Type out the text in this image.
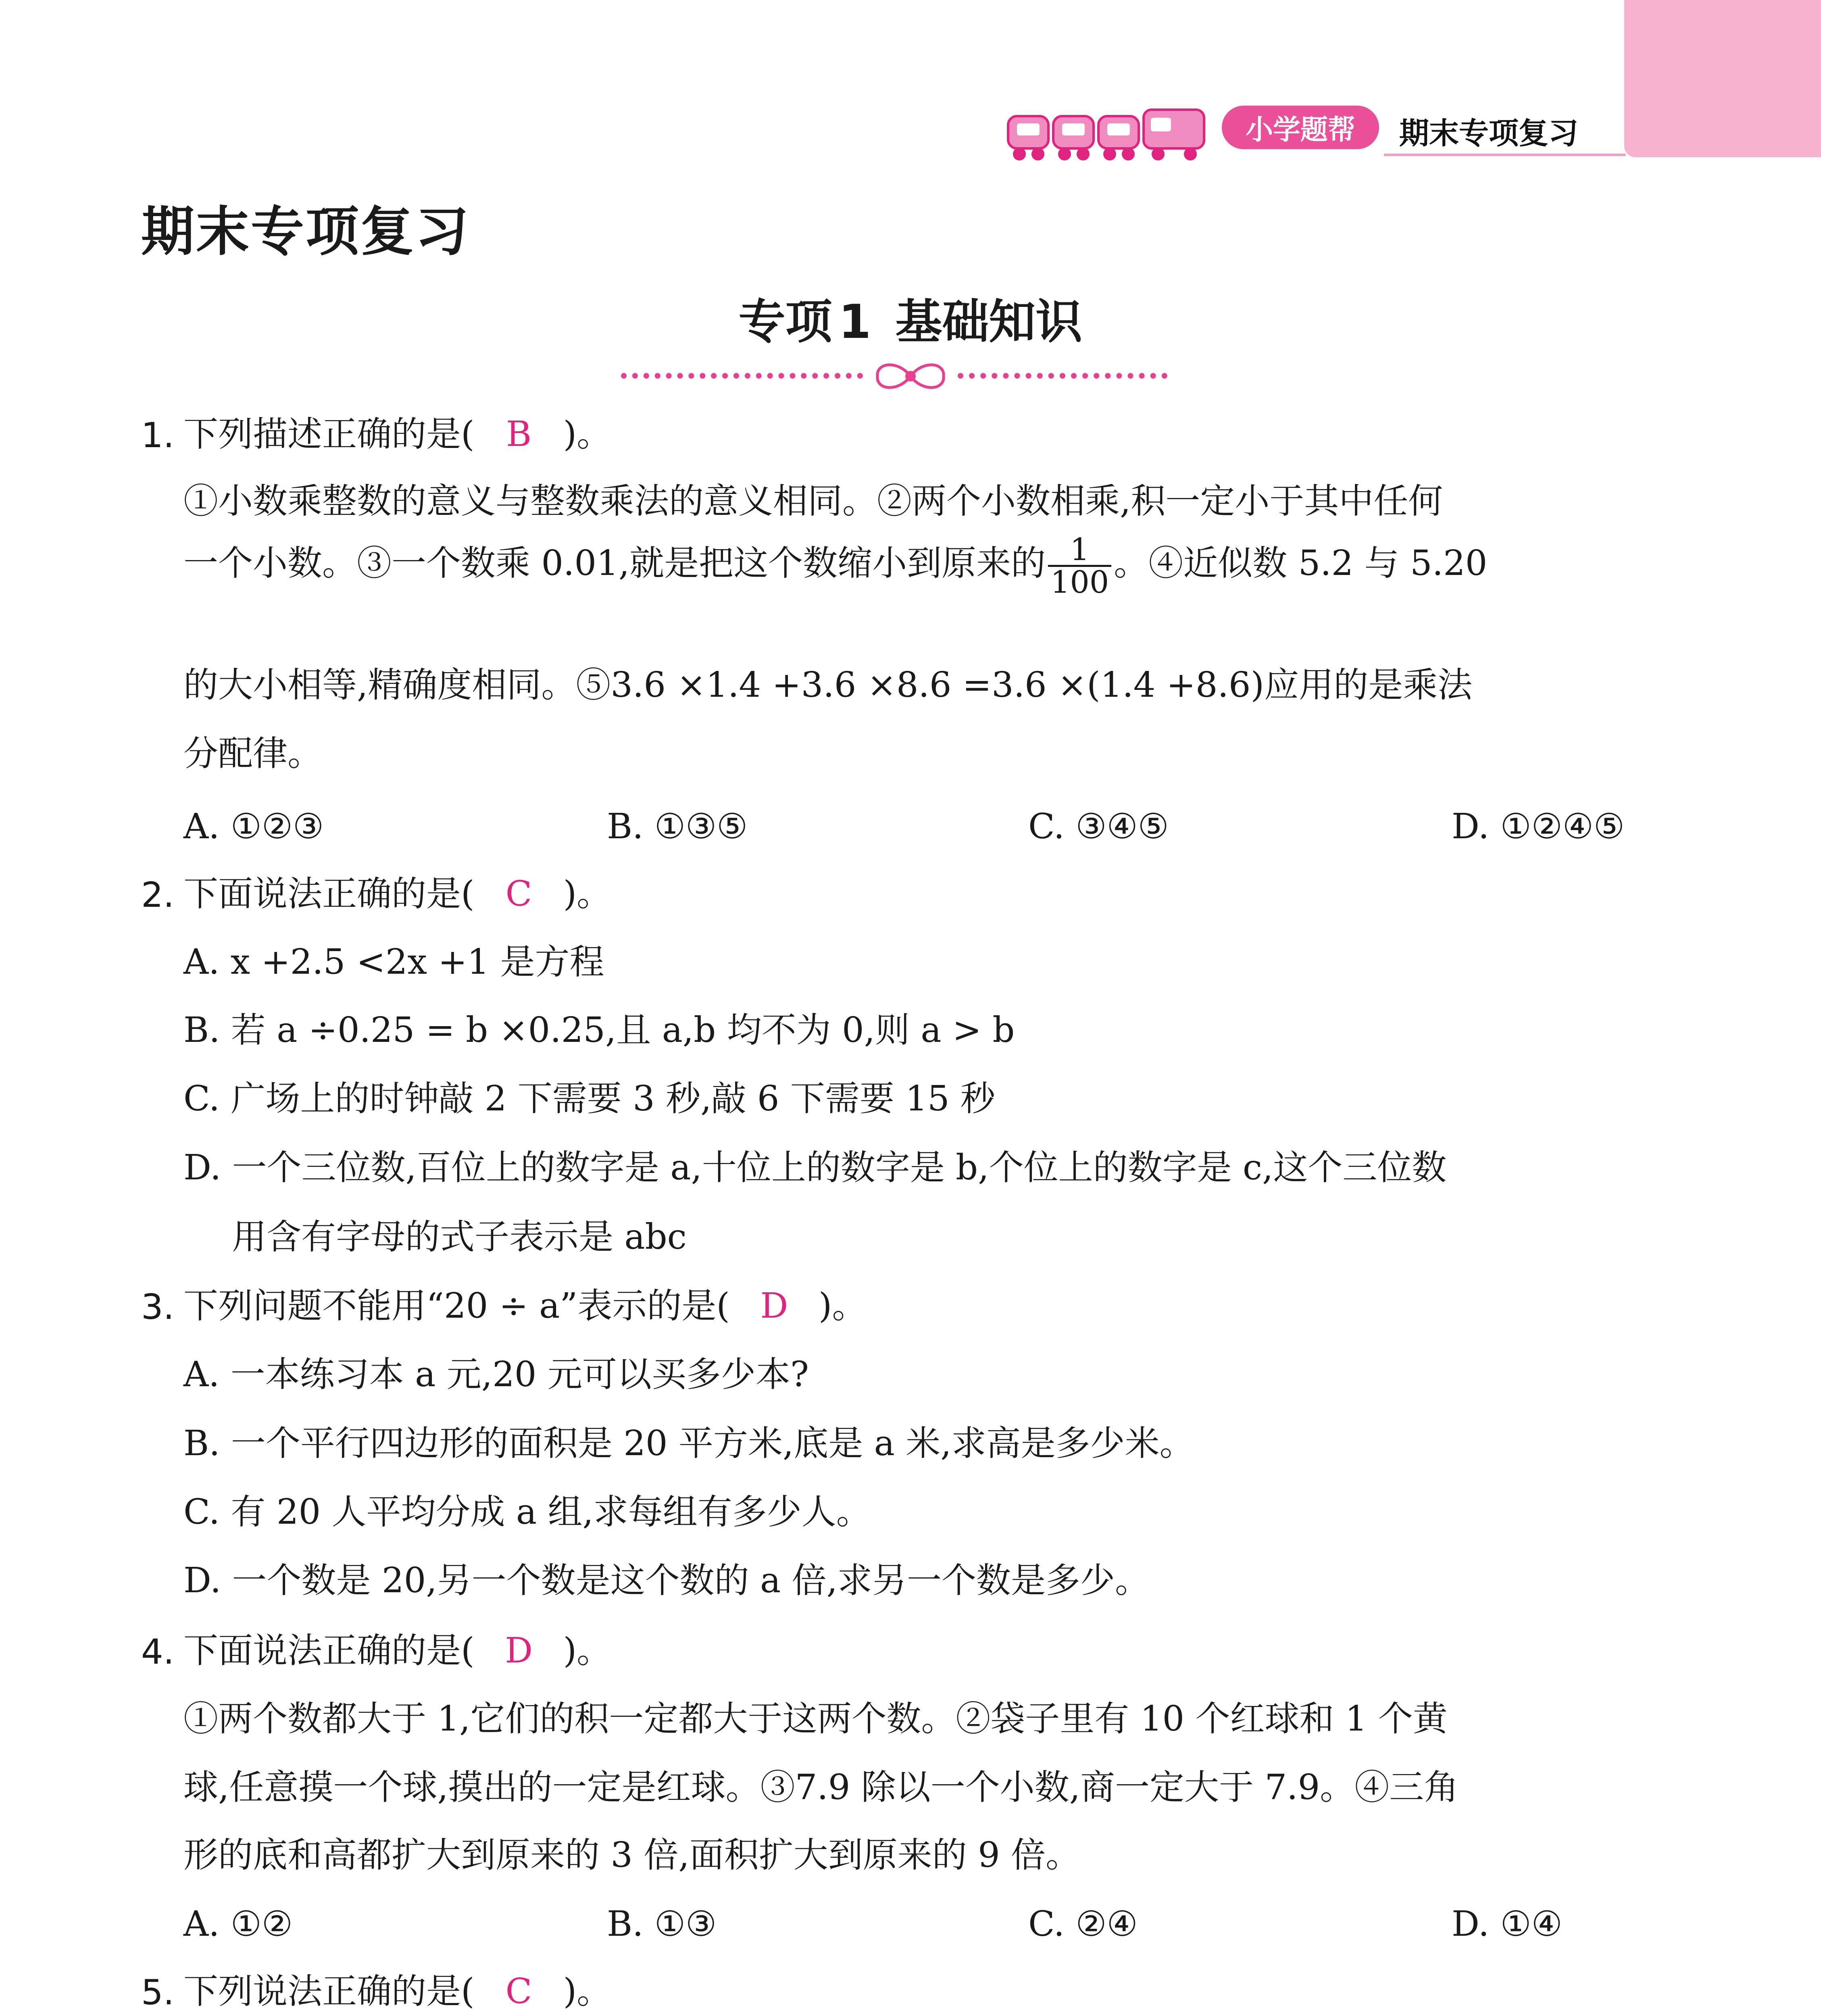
小学题帮	期末专项复习
期末专项复习
专项 1 基础知识
1. 下列描述正确的是( B )。
①小数乘整数的意义与整数乘法的意义相同。②两个小数相乘,积一定小于其中任何
一个小数。③一个数乘 0.01,就是把这个数缩小到原来的 $\frac{1}{100}$ 。④近似数 5.2 与 5.20
的大小相等,精确度相同。⑤3.6 ×1.4 +3.6 ×8.6 =3.6 ×(1.4 +8.6)应用的是乘法
分配律。
A. ①②③	B. ①③⑤	C. ③④⑤	D. ①②④⑤
2. 下面说法正确的是( C )。
A. x +2.5 <2x +1 是方程
B. 若 a ÷0.25 = b ×0.25,且 a,b 均不为 0,则 a > b
C. 广场上的时钟敲 2 下需要 3 秒,敲 6 下需要 15 秒
D. 一个三位数,百位上的数字是 a,十位上的数字是 b,个位上的数字是 c,这个三位数
用含有字母的式子表示是 abc
3. 下列问题不能用“20 ÷ a”表示的是( D )。
A. 一本练习本 a 元,20 元可以买多少本?
B. 一个平行四边形的面积是 20 平方米,底是 a 米,求高是多少米。
C. 有 20 人平均分成 a 组,求每组有多少人。
D. 一个数是 20,另一个数是这个数的 a 倍,求另一个数是多少。
4. 下面说法正确的是( D )。
①两个数都大于 1,它们的积一定都大于这两个数。②袋子里有 10 个红球和 1 个黄
球,任意摸一个球,摸出的一定是红球。③7.9 除以一个小数,商一定大于 7.9。④三角
形的底和高都扩大到原来的 3 倍,面积扩大到原来的 9 倍。
A. ①②	B. ①③	C. ②④	D. ①④
5. 下列说法正确的是( C )。
